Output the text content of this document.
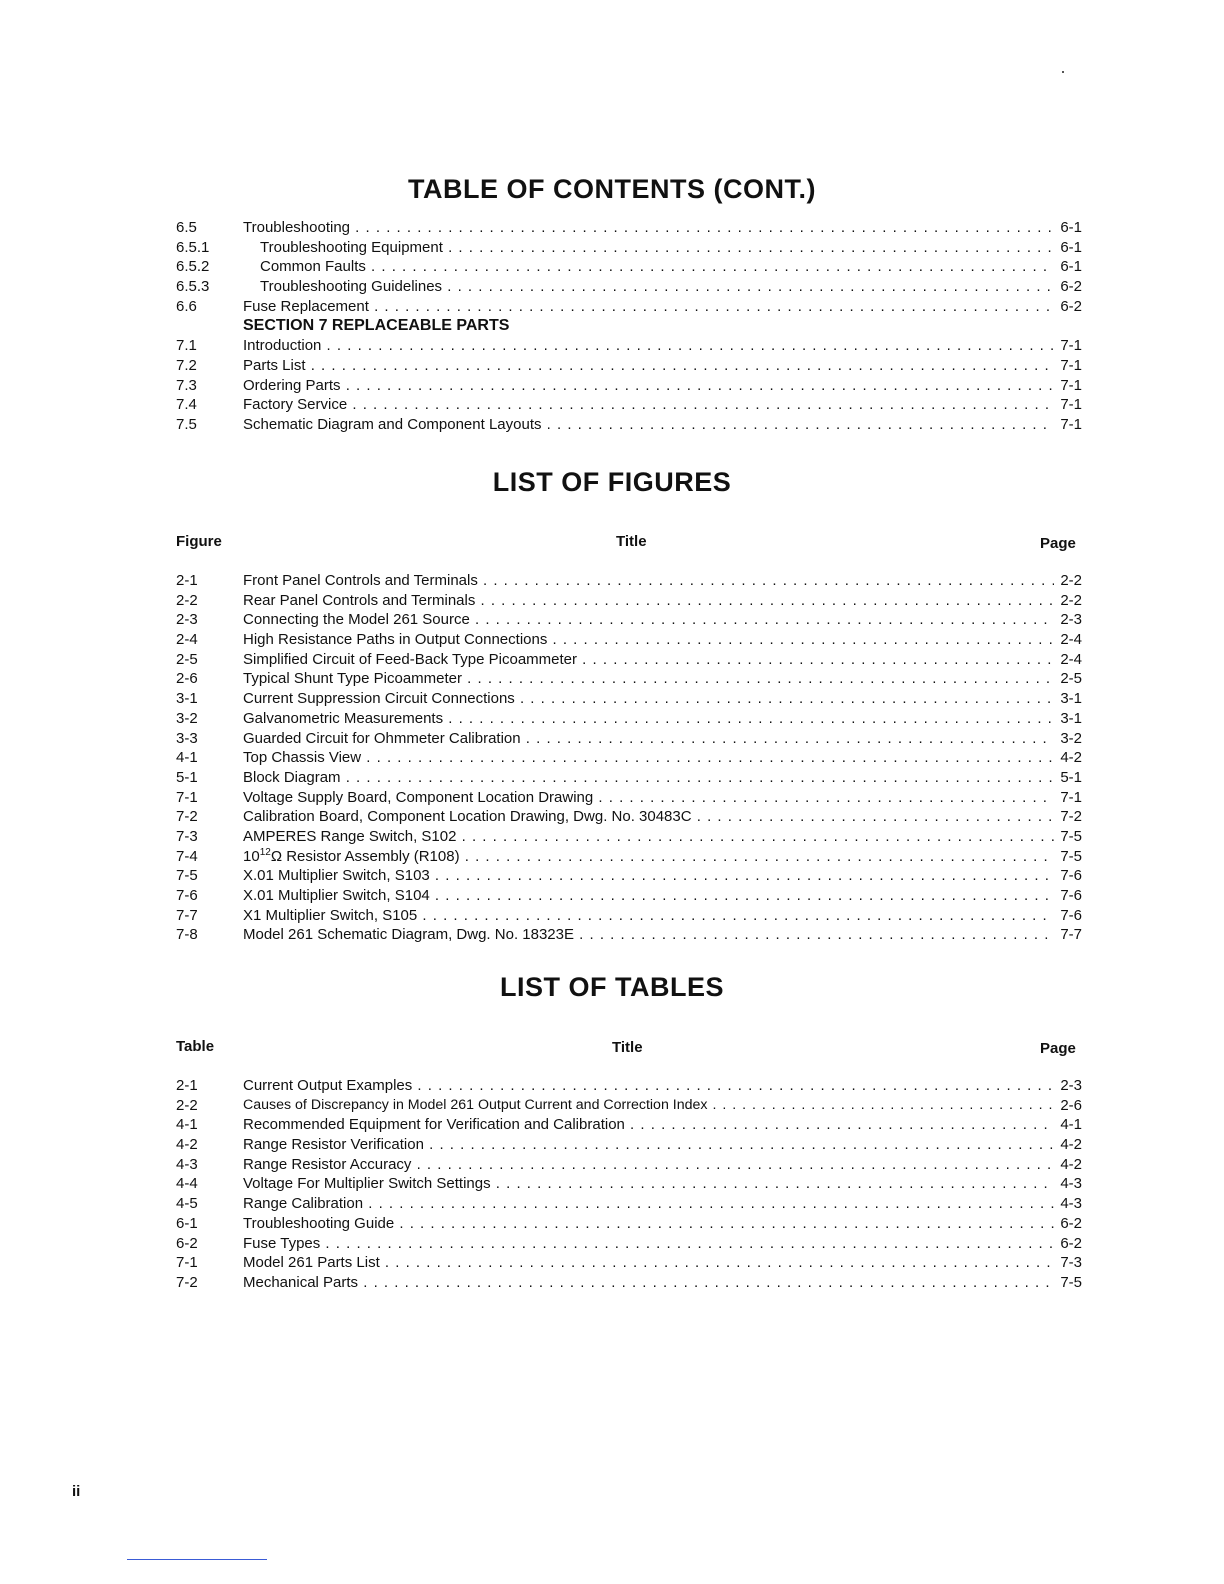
TABLE OF CONTENTS (CONT.)
6.5	Troubleshooting . . .	6-1
6.5.1	Troubleshooting Equipment . . .	6-1
6.5.2	Common Faults . . .	6-1
6.5.3	Troubleshooting Guidelines . . .	6-2
6.6	Fuse Replacement . . .	6-2
SECTION 7 REPLACEABLE PARTS
7.1	Introduction . . .	7-1
7.2	Parts List . . .	7-1
7.3	Ordering Parts . . .	7-1
7.4	Factory Service . . .	7-1
7.5	Schematic Diagram and Component Layouts . . .	7-1
LIST OF FIGURES
Figure	Title	Page
2-1	Front Panel Controls and Terminals . . .	2-2
2-2	Rear Panel Controls and Terminals . . .	2-2
2-3	Connecting the Model 261 Source . . .	2-3
2-4	High Resistance Paths in Output Connections . . .	2-4
2-5	Simplified Circuit of Feed-Back Type Picoammeter . . .	2-4
2-6	Typical Shunt Type Picoammeter . . .	2-5
3-1	Current Suppression Circuit Connections . . .	3-1
3-2	Galvanometric Measurements . . .	3-1
3-3	Guarded Circuit for Ohmmeter Calibration . . .	3-2
4-1	Top Chassis View . . .	4-2
5-1	Block Diagram . . .	5-1
7-1	Voltage Supply Board, Component Location Drawing . . .	7-1
7-2	Calibration Board, Component Location Drawing, Dwg. No. 30483C . . .	7-2
7-3	AMPERES Range Switch, S102 . . .	7-5
7-4	$10^{12}\Omega$ Resistor Assembly (R108) . . .	7-5
7-5	X.01 Multiplier Switch, S103 . . .	7-6
7-6	X.01 Multiplier Switch, S104 . . .	7-6
7-7	X1 Multiplier Switch, S105 . . .	7-6
7-8	Model 261 Schematic Diagram, Dwg. No. 18323E . . .	7-7
LIST OF TABLES
Table	Title	Page
2-1	Current Output Examples . . .	2-3
2-2	Causes of Discrepancy in Model 261 Output Current and Correction Index . . .	2-6
4-1	Recommended Equipment for Verification and Calibration . . .	4-1
4-2	Range Resistor Verification . . .	4-2
4-3	Range Resistor Accuracy . . .	4-2
4-4	Voltage For Multiplier Switch Settings . . .	4-3
4-5	Range Calibration . . .	4-3
6-1	Troubleshooting Guide . . .	6-2
6-2	Fuse Types . . .	6-2
7-1	Model 261 Parts List . . .	7-3
7-2	Mechanical Parts . . .	7-5
ii
